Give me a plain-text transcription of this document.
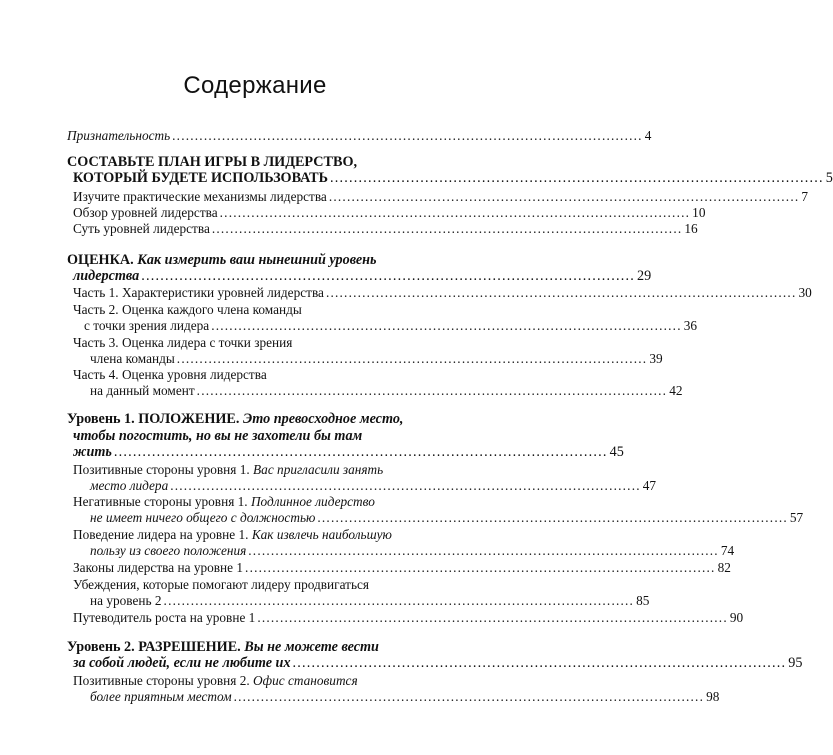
Содержание
Признательность ........................................................................................................ 4
СОСТАВЬТЕ ПЛАН ИГРЫ В ЛИДЕРСТВО,
КОТОРЫЙ БУДЕТЕ ИСПОЛЬЗОВАТЬ ........................................................................................................ 5
Изучите практические механизмы лидерства ........................................................................................................ 7
Обзор уровней лидерства ........................................................................................................ 10
Суть уровней лидерства ........................................................................................................ 16
ОЦЕНКА. Как измерить ваш нынешний уровень
лидерства ........................................................................................................ 29
Часть 1. Характеристики уровней лидерства ........................................................................................................ 30
Часть 2. Оценка каждого члена команды
с точки зрения лидера ........................................................................................................ 36
Часть 3. Оценка лидера с точки зрения
члена команды ........................................................................................................ 39
Часть 4. Оценка уровня лидерства
на данный момент ........................................................................................................ 42
Уровень 1. ПОЛОЖЕНИЕ. Это превосходное место,
чтобы погостить, но вы не захотели бы там
жить ........................................................................................................ 45
Позитивные стороны уровня 1. Вас пригласили занять
место лидера ........................................................................................................ 47
Негативные стороны уровня 1. Подлинное лидерство
не имеет ничего общего с должностью ........................................................................................................ 57
Поведение лидера на уровне 1. Как извлечь наибольшую
пользу из своего положения ........................................................................................................ 74
Законы лидерства на уровне 1 ........................................................................................................ 82
Убеждения, которые помогают лидеру продвигаться
на уровень 2 ........................................................................................................ 85
Путеводитель роста на уровне 1 ........................................................................................................ 90
Уровень 2. РАЗРЕШЕНИЕ. Вы не можете вести
за собой людей, если не любите их ........................................................................................................ 95
Позитивные стороны уровня 2. Офис становится
более приятным местом ........................................................................................................ 98
